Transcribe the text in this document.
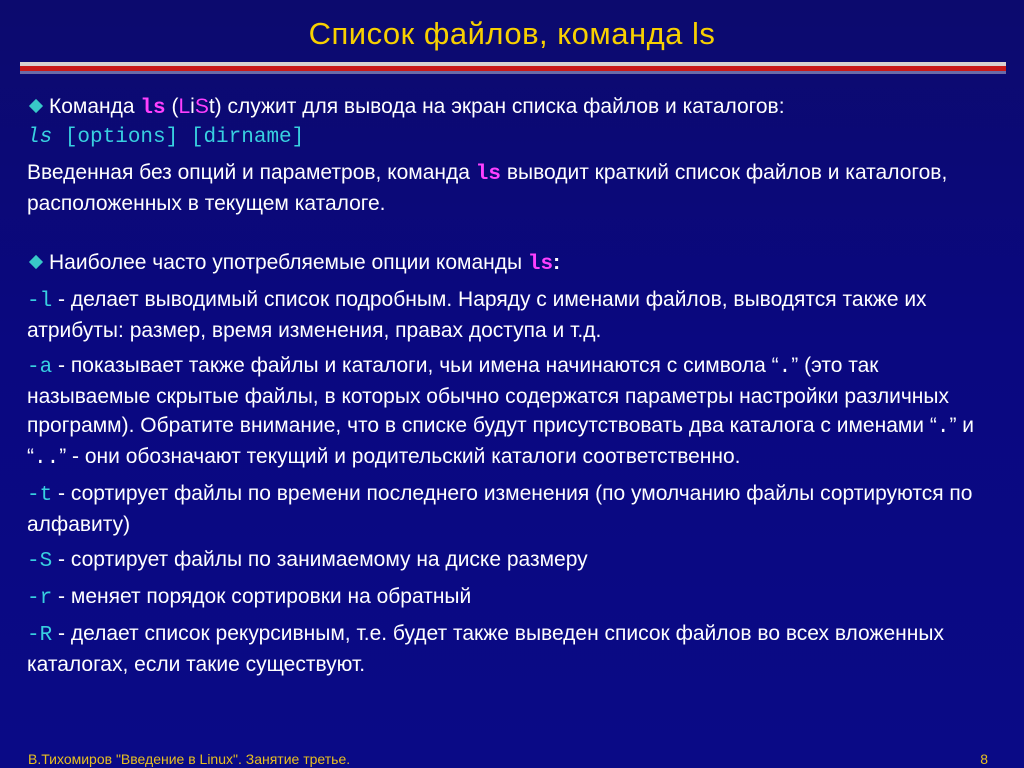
Список файлов, команда ls

Команда ls (LiSt) служит для вывода на экран списка файлов и каталогов:

ls [options] [dirname]

Введенная без опций и параметров, команда ls выводит краткий список файлов и каталогов, расположенных в текущем каталоге.

Наиболее часто употребляемые опции команды ls:

-l - делает выводимый список подробным. Наряду с именами файлов, выводятся также их атрибуты: размер, время изменения, правах доступа и т.д.

-a - показывает также файлы и каталоги, чьи имена начинаются с символа “.” (это так называемые скрытые файлы, в которых обычно содержатся параметры настройки различных программ). Обратите внимание, что в списке будут присутствовать два каталога с именами “.” и “..” - они обозначают текущий и родительский каталоги соответственно.

-t - сортирует файлы по времени последнего изменения (по умолчанию файлы сортируются по алфавиту)

-S - сортирует файлы по занимаемому на диске размеру

-r - меняет порядок сортировки на обратный

-R - делает список рекурсивным, т.е. будет также выведен список файлов во всех вложенных каталогах, если такие существуют.

В.Тихомиров "Введение в Linux". Занятие третье.	8
